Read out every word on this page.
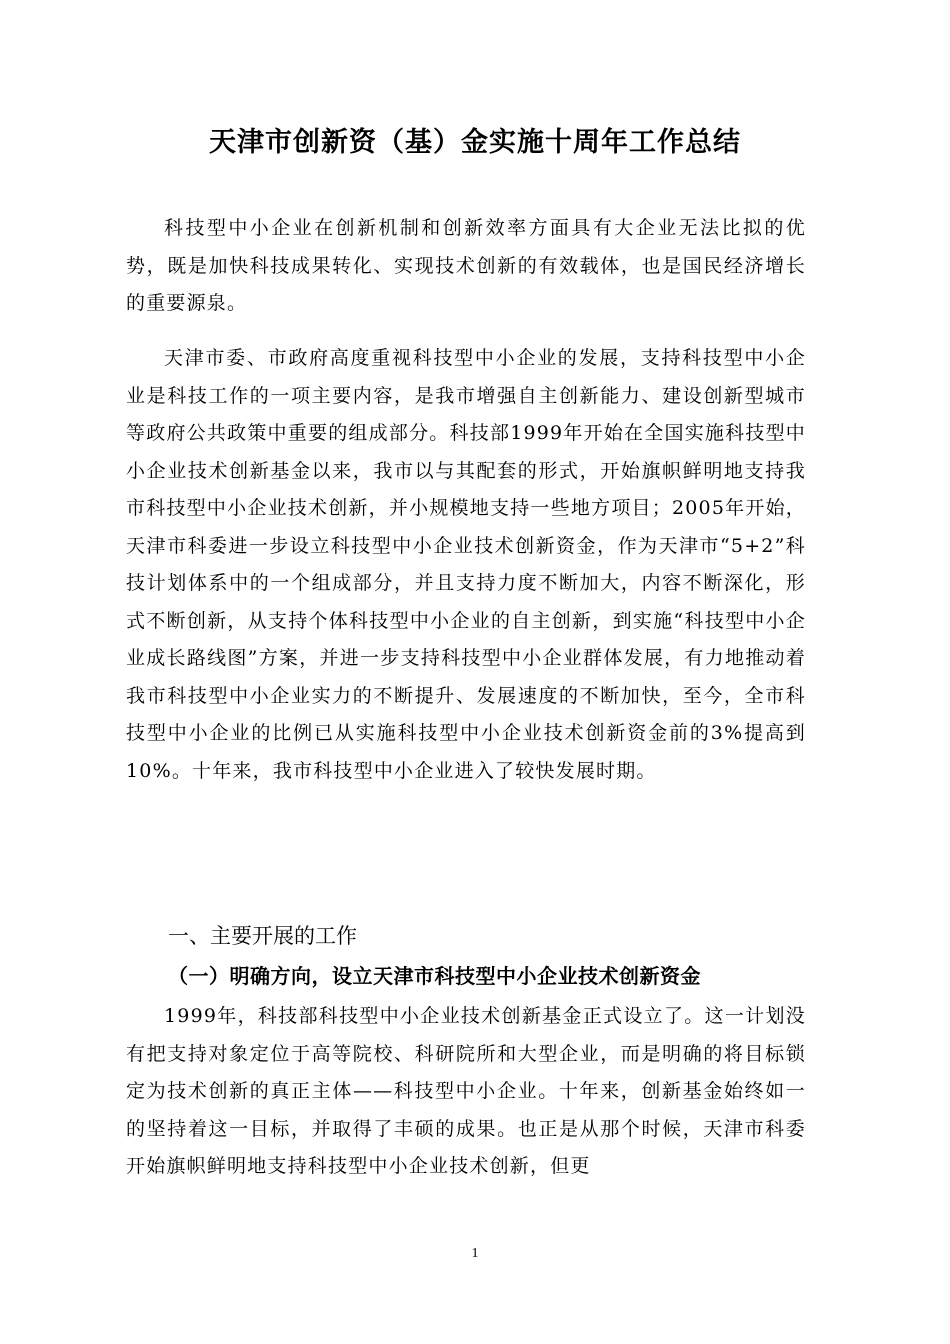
天津市创新资（基）金实施十周年工作总结

科技型中小企业在创新机制和创新效率方面具有大企业无法比拟的优势，既是加快科技成果转化、实现技术创新的有效载体，也是国民经济增长的重要源泉。

天津市委、市政府高度重视科技型中小企业的发展，支持科技型中小企业是科技工作的一项主要内容，是我市增强自主创新能力、建设创新型城市等政府公共政策中重要的组成部分。科技部1999年开始在全国实施科技型中小企业技术创新基金以来，我市以与其配套的形式，开始旗帜鲜明地支持我市科技型中小企业技术创新，并小规模地支持一些地方项目；2005年开始，天津市科委进一步设立科技型中小企业技术创新资金，作为天津市“5+2”科技计划体系中的一个组成部分，并且支持力度不断加大，内容不断深化，形式不断创新，从支持个体科技型中小企业的自主创新，到实施“科技型中小企业成长路线图”方案，并进一步支持科技型中小企业群体发展，有力地推动着我市科技型中小企业实力的不断提升、发展速度的不断加快，至今，全市科技型中小企业的比例已从实施科技型中小企业技术创新资金前的3%提高到10%。十年来，我市科技型中小企业进入了较快发展时期。

一、主要开展的工作
（一）明确方向，设立天津市科技型中小企业技术创新资金

1999年，科技部科技型中小企业技术创新基金正式设立了。这一计划没有把支持对象定位于高等院校、科研院所和大型企业，而是明确的将目标锁定为技术创新的真正主体——科技型中小企业。十年来，创新基金始终如一的坚持着这一目标，并取得了丰硕的成果。也正是从那个时候，天津市科委开始旗帜鲜明地支持科技型中小企业技术创新，但更

1
